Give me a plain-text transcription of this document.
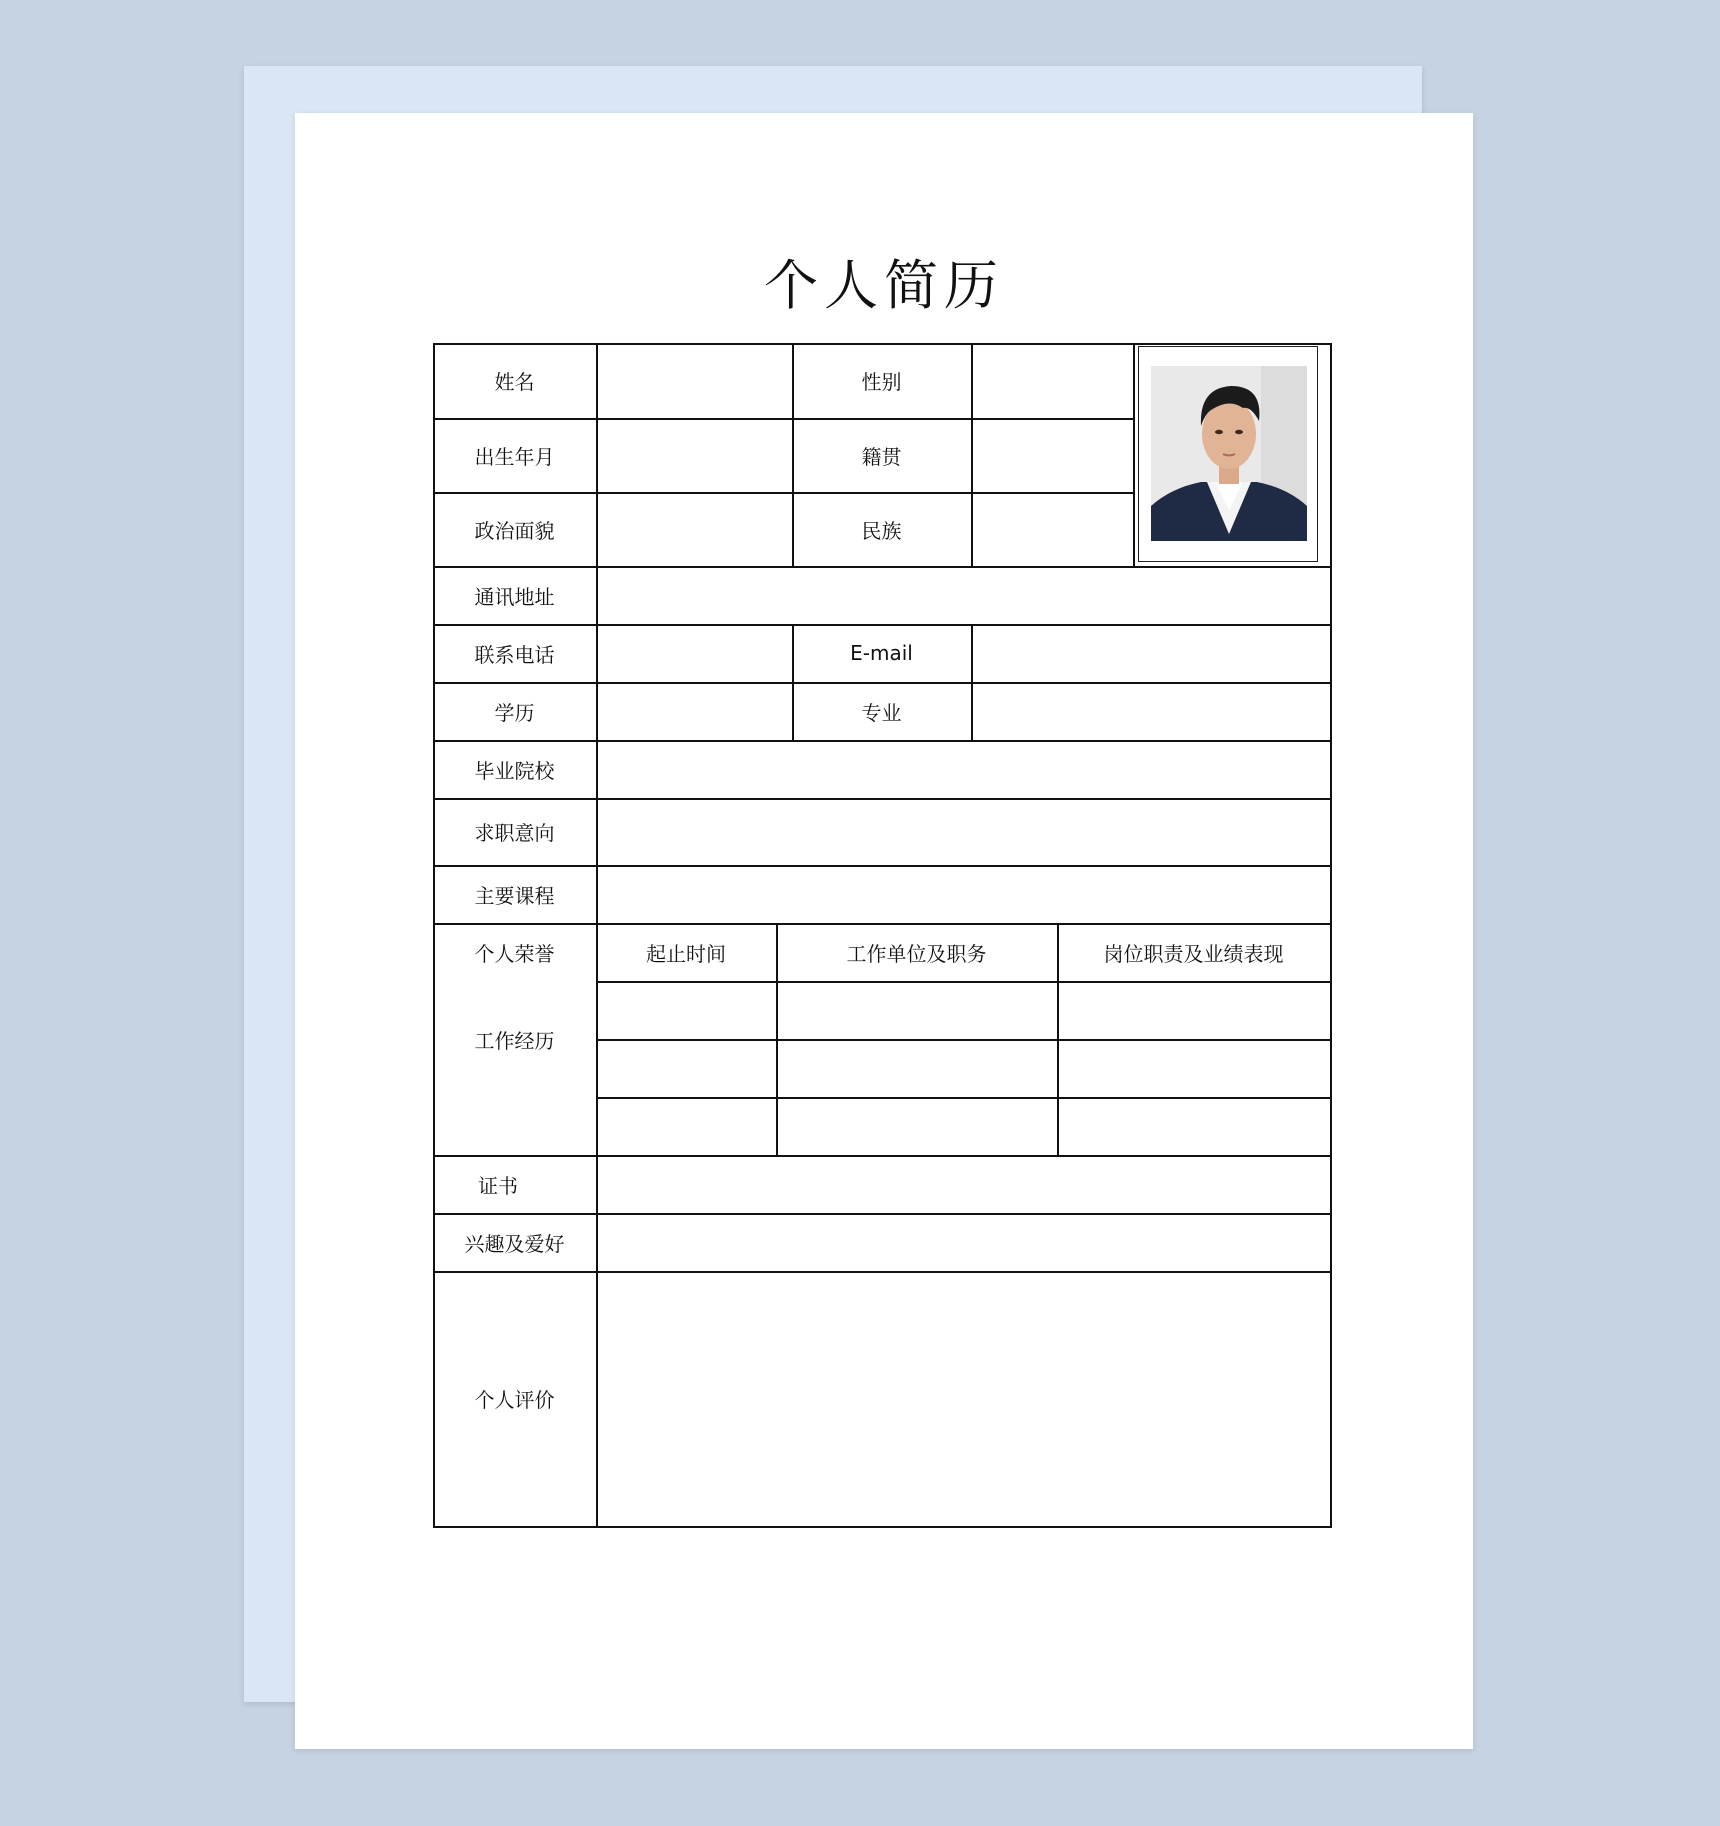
个人简历
姓名	性别
出生年月	籍贯
政治面貌	民族
通讯地址
联系电话	E-mail
学历	专业
毕业院校
求职意向
主要课程
个人荣誉
工作经历
起止时间	工作单位及职务	岗位职责及业绩表现
证书
兴趣及爱好
个人评价
